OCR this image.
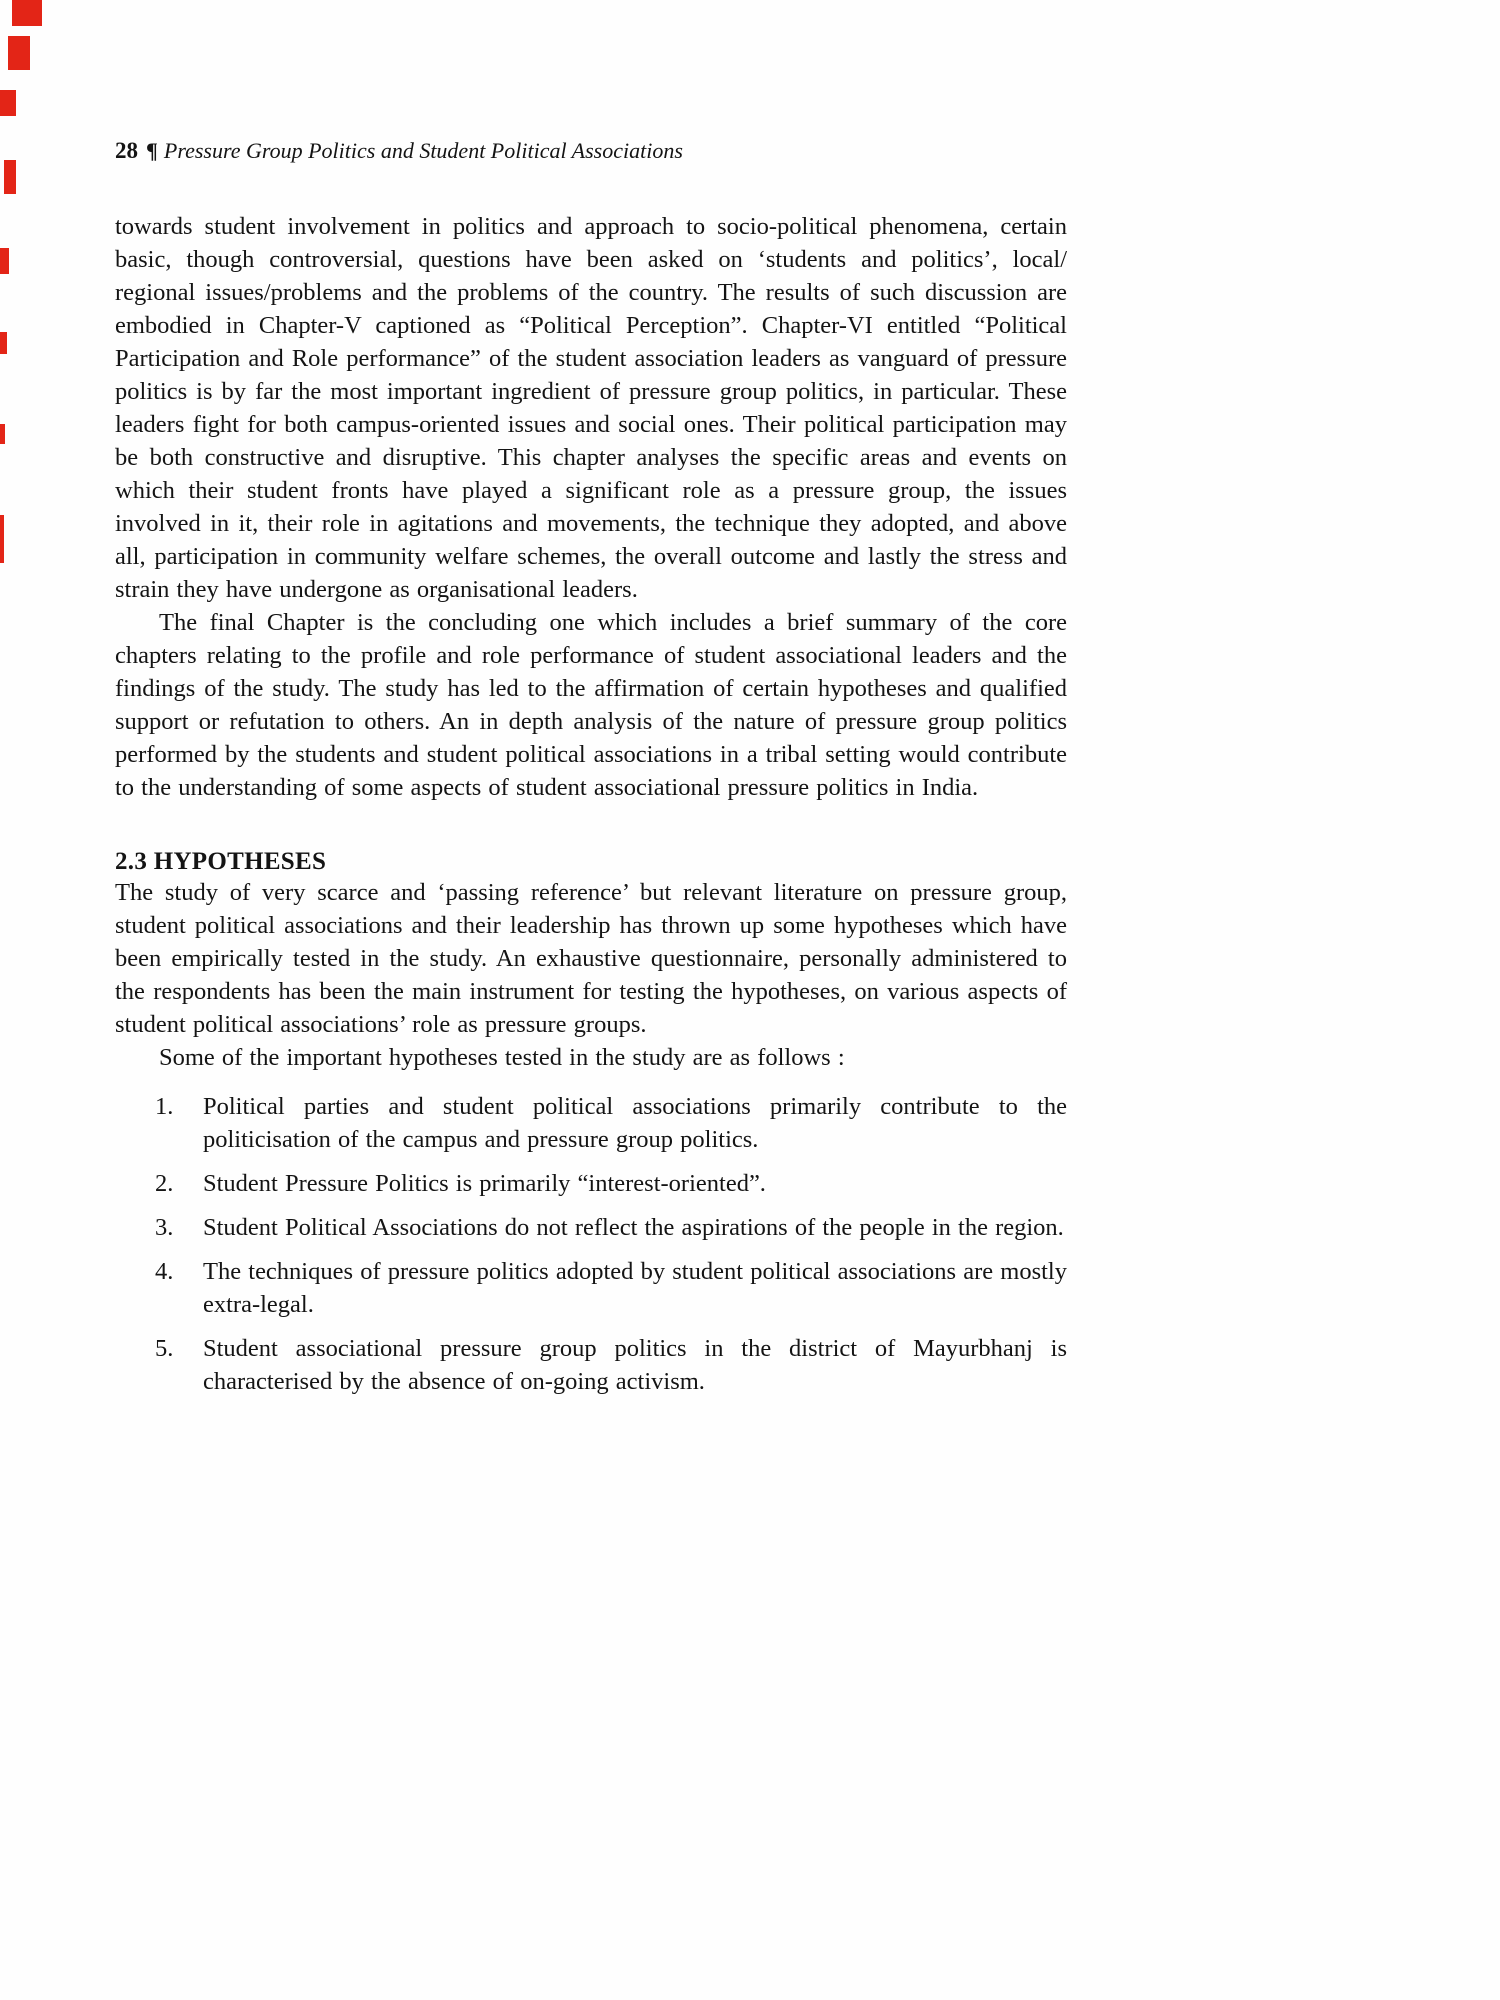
28 ¶ Pressure Group Politics and Student Political Associations

towards student involvement in politics and approach to socio-political phenomena, certain basic, though controversial, questions have been asked on ‘students and politics’, local/ regional issues/problems and the problems of the country. The results of such discussion are embodied in Chapter-V captioned as “Political Perception”. Chapter-VI entitled “Political Participation and Role performance” of the student association leaders as vanguard of pressure politics is by far the most important ingredient of pressure group politics, in particular. These leaders fight for both campus-oriented issues and social ones. Their political participation may be both constructive and disruptive. This chapter analyses the specific areas and events on which their student fronts have played a significant role as a pressure group, the issues involved in it, their role in agitations and movements, the technique they adopted, and above all, participation in community welfare schemes, the overall outcome and lastly the stress and strain they have undergone as organisational leaders.

The final Chapter is the concluding one which includes a brief summary of the core chapters relating to the profile and role performance of student associational leaders and the findings of the study. The study has led to the affirmation of certain hypotheses and qualified support or refutation to others. An in depth analysis of the nature of pressure group politics performed by the students and student political associations in a tribal setting would contribute to the understanding of some aspects of student associational pressure politics in India.

2.3 HYPOTHESES

The study of very scarce and ‘passing reference’ but relevant literature on pressure group, student political associations and their leadership has thrown up some hypotheses which have been empirically tested in the study. An exhaustive questionnaire, personally administered to the respondents has been the main instrument for testing the hypotheses, on various aspects of student political associations’ role as pressure groups.

Some of the important hypotheses tested in the study are as follows :

1.	Political parties and student political associations primarily contribute to the politicisation of the campus and pressure group politics.
2.	Student Pressure Politics is primarily “interest-oriented”.
3.	Student Political Associations do not reflect the aspirations of the people in the region.
4.	The techniques of pressure politics adopted by student political associations are mostly extra-legal.
5.	Student associational pressure group politics in the district of Mayurbhanj is characterised by the absence of on-going activism.
